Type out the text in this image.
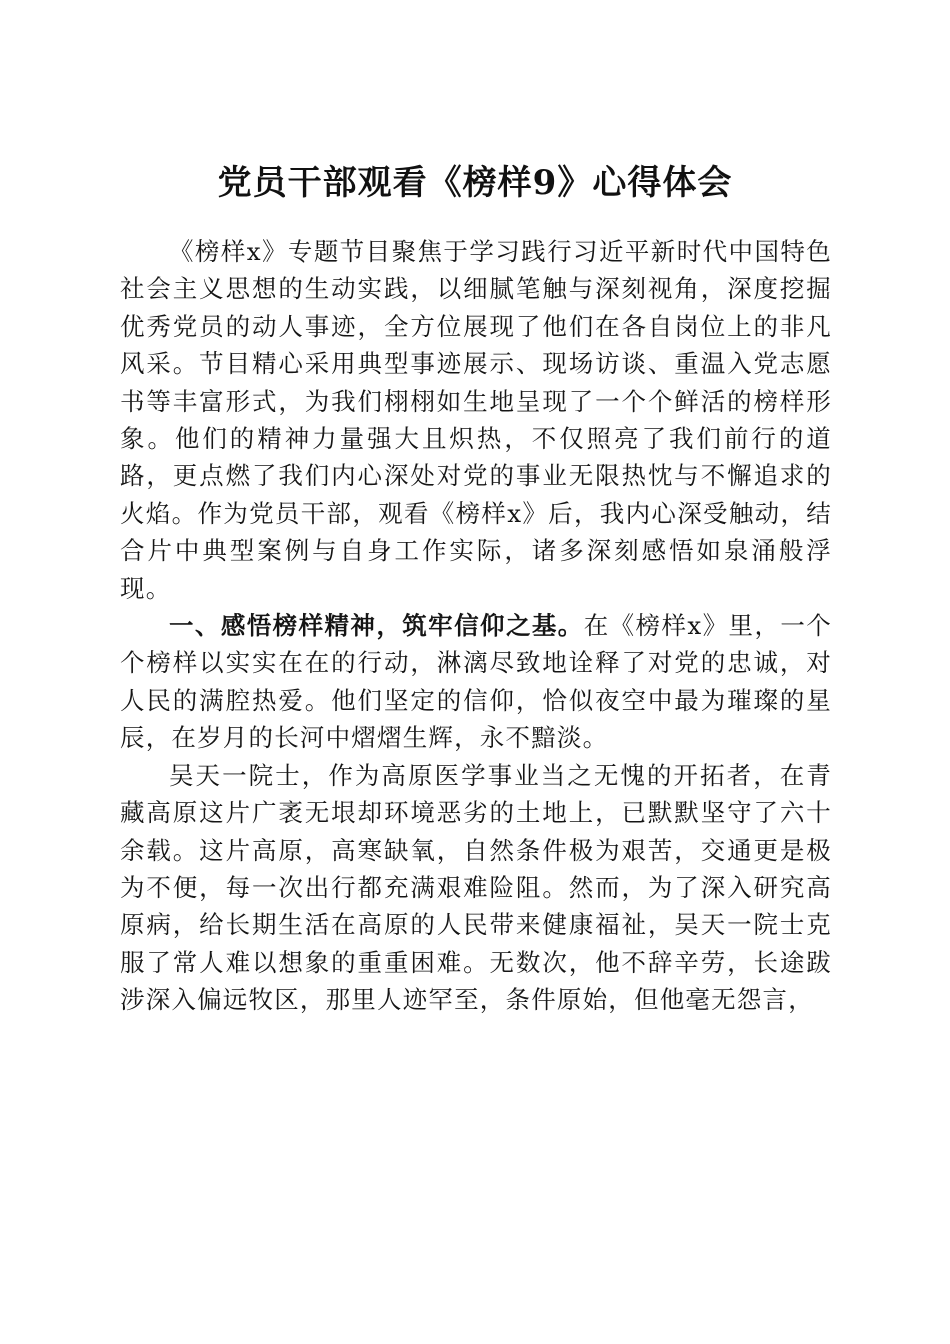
党员干部观看《榜样9》心得体会

《榜样x》专题节目聚焦于学习践行习近平新时代中国特色社会主义思想的生动实践，以细腻笔触与深刻视角，深度挖掘优秀党员的动人事迹，全方位展现了他们在各自岗位上的非凡风采。节目精心采用典型事迹展示、现场访谈、重温入党志愿书等丰富形式，为我们栩栩如生地呈现了一个个鲜活的榜样形象。他们的精神力量强大且炽热，不仅照亮了我们前行的道路，更点燃了我们内心深处对党的事业无限热忱与不懈追求的火焰。作为党员干部，观看《榜样x》后，我内心深受触动，结合片中典型案例与自身工作实际，诸多深刻感悟如泉涌般浮现。

一、感悟榜样精神，筑牢信仰之基。在《榜样x》里，一个个榜样以实实在在的行动，淋漓尽致地诠释了对党的忠诚，对人民的满腔热爱。他们坚定的信仰，恰似夜空中最为璀璨的星辰，在岁月的长河中熠熠生辉，永不黯淡。

吴天一院士，作为高原医学事业当之无愧的开拓者，在青藏高原这片广袤无垠却环境恶劣的土地上，已默默坚守了六十余载。这片高原，高寒缺氧，自然条件极为艰苦，交通更是极为不便，每一次出行都充满艰难险阻。然而，为了深入研究高原病，给长期生活在高原的人民带来健康福祉，吴天一院士克服了常人难以想象的重重困难。无数次，他不辞辛劳，长途跋涉深入偏远牧区，那里人迹罕至，条件原始，但他毫无怨言，
